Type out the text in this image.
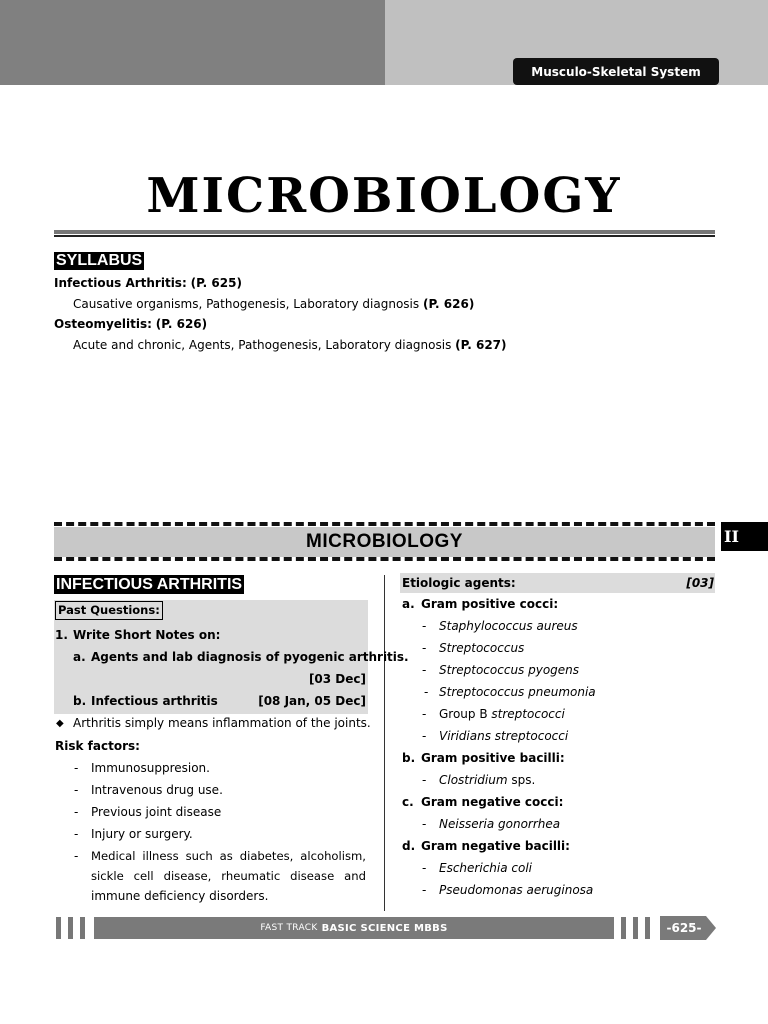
Musculo-Skeletal System
MICROBIOLOGY
SYLLABUS
Infectious Arthritis: (P. 625)
Causative organisms, Pathogenesis, Laboratory diagnosis (P. 626)
Osteomyelitis: (P. 626)
Acute and chronic, Agents, Pathogenesis, Laboratory diagnosis (P. 627)
MICROBIOLOGY	II
INFECTIOUS ARTHRITIS
Past Questions:
1. Write Short Notes on:
a. Agents and lab diagnosis of pyogenic arthritis.
[03 Dec]
b. Infectious arthritis	[08 Jan, 05 Dec]
◆ Arthritis simply means inflammation of the joints.
Risk factors:
- Immunosuppresion.
- Intravenous drug use.
- Previous joint disease
- Injury or surgery.
- Medical illness such as diabetes, alcoholism,
sickle cell disease, rheumatic disease and
immune deficiency disorders.
Etiologic agents:	[03]
a. Gram positive cocci:
- Staphylococcus aureus
- Streptococcus
- Streptococcus pyogens
- Streptococcus pneumonia
- Group B streptococci
- Viridians streptococci
b. Gram positive bacilli:
- Clostridium sps.
c. Gram negative cocci:
- Neisseria gonorrhea
d. Gram negative bacilli:
- Escherichia coli
- Pseudomonas aeruginosa
FAST TRACK BASIC SCIENCE MBBS	-625-
